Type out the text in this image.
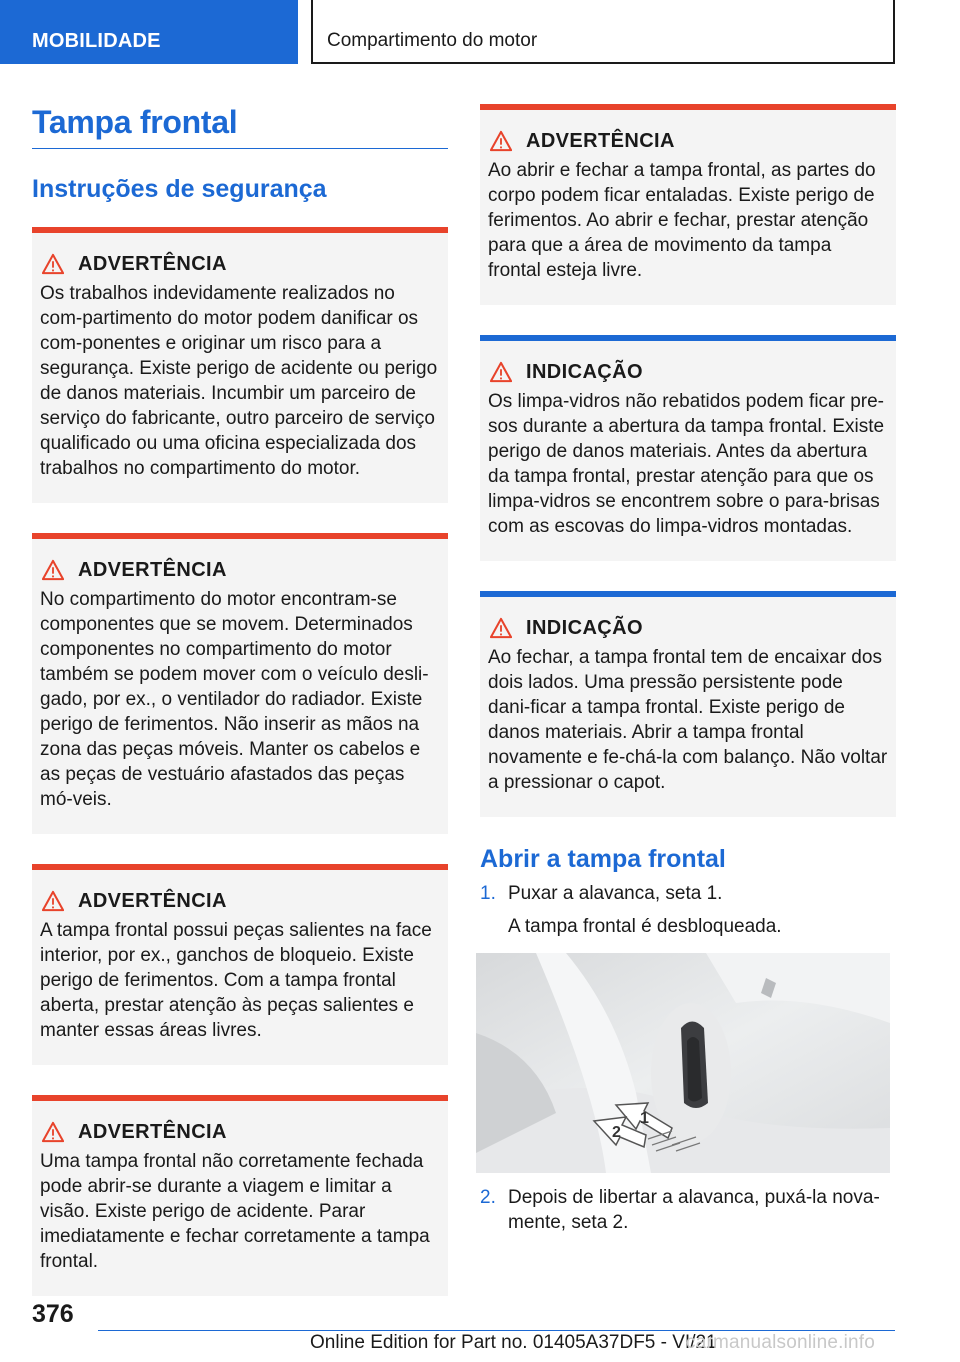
MOBILIDADE	Compartimento do motor
Tampa frontal
Instruções de segurança
ADVERTÊNCIA

Os trabalhos indevidamente realizados no com-partimento do motor podem danificar os com-ponentes e originar um risco para a segurança. Existe perigo de acidente ou perigo de danos materiais. Incumbir um parceiro de serviço do fabricante, outro parceiro de serviço qualificado ou uma oficina especializada dos trabalhos no compartimento do motor.

ADVERTÊNCIA

No compartimento do motor encontram-se componentes que se movem. Determinados componentes no compartimento do motor também se podem mover com o veículo desli-gado, por ex., o ventilador do radiador. Existe perigo de ferimentos. Não inserir as mãos na zona das peças móveis. Manter os cabelos e as peças de vestuário afastados das peças mó-veis.

ADVERTÊNCIA

A tampa frontal possui peças salientes na face interior, por ex., ganchos de bloqueio. Existe perigo de ferimentos. Com a tampa frontal aberta, prestar atenção às peças salientes e manter essas áreas livres.

ADVERTÊNCIA

Uma tampa frontal não corretamente fechada pode abrir-se durante a viagem e limitar a visão. Existe perigo de acidente. Parar imediatamente e fechar corretamente a tampa frontal.

ADVERTÊNCIA

Ao abrir e fechar a tampa frontal, as partes do corpo podem ficar entaladas. Existe perigo de ferimentos. Ao abrir e fechar, prestar atenção para que a área de movimento da tampa frontal esteja livre.

INDICAÇÃO

Os limpa-vidros não rebatidos podem ficar pre-sos durante a abertura da tampa frontal. Existe perigo de danos materiais. Antes da abertura da tampa frontal, prestar atenção para que os limpa-vidros se encontrem sobre o para-brisas com as escovas do limpa-vidros montadas.

INDICAÇÃO

Ao fechar, a tampa frontal tem de encaixar dos dois lados. Uma pressão persistente pode dani-ficar a tampa frontal. Existe perigo de danos materiais. Abrir a tampa frontal novamente e fe-chá-la com balanço. Não voltar a pressionar o capot.

Abrir a tampa frontal
1. Puxar a alavanca, seta 1.

A tampa frontal é desbloqueada.

1
2
2. Depois de libertar a alavanca, puxá-la nova-mente, seta 2.

376
Online Edition for Part no. 01405A37DF5 - VI/21
carmanualsonline.info
